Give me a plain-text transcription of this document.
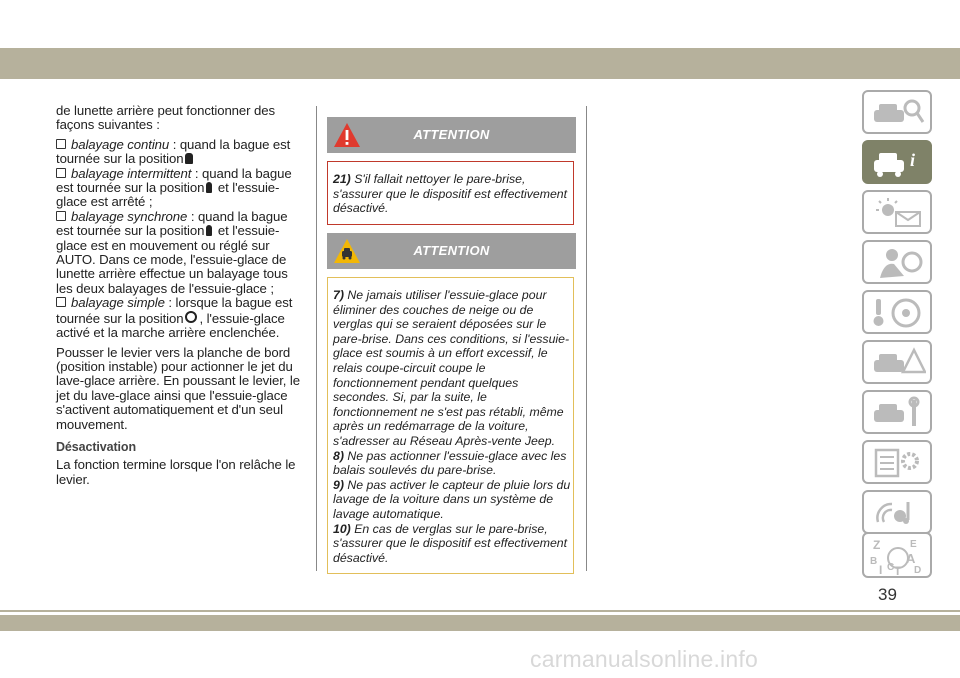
de lunette arrière peut fonctionner des façons suivantes :

balayage continu : quand la bague est tournée sur la position

balayage intermittent : quand la bague est tournée sur la position et l'essuie-glace est arrêté ;

balayage synchrone : quand la bague est tournée sur la position et l'essuie-glace est en mouvement ou réglé sur AUTO. Dans ce mode, l'essuie-glace de lunette arrière effectue un balayage tous les deux balayages de l'essuie-glace ;

balayage simple : lorsque la bague est tournée sur la position , l'essuie-glace activé et la marche arrière enclenchée.

Pousser le levier vers la planche de bord (position instable) pour actionner le jet du lave-glace arrière. En poussant le levier, le jet du lave-glace ainsi que l'essuie-glace s'activent automatiquement et d'un seul mouvement.

Désactivation

La fonction termine lorsque l'on relâche le levier.

ATTENTION
21) S'il fallait nettoyer le pare-brise, s'assurer que le dispositif est effectivement désactivé.
ATTENTION
7) Ne jamais utiliser l'essuie-glace pour éliminer des couches de neige ou de verglas qui se seraient déposées sur le pare-brise. Dans ces conditions, si l'essuie-glace est soumis à un effort excessif, le relais coupe-circuit coupe le fonctionnement pendant quelques secondes. Si, par la suite, le fonctionnement ne s'est pas rétabli, même après un redémarrage de la voiture, s'adresser au Réseau Après-vente Jeep.
8) Ne pas actionner l'essuie-glace avec les balais soulevés du pare-brise.
9) Ne pas activer le capteur de pluie lors du lavage de la voiture dans un système de lavage automatique.
10) En cas de verglas sur le pare-brise, s'assurer que le dispositif est effectivement désactivé.
i
Z	E
B A
I C T D
39
carmanualsonline.info
